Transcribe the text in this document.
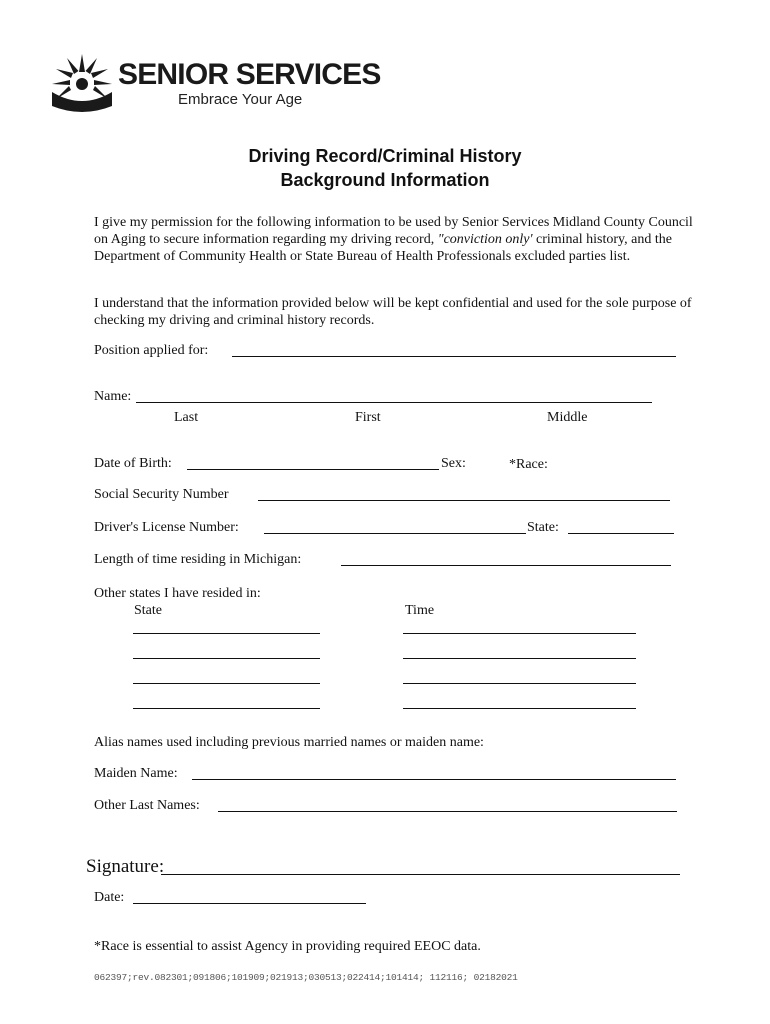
SENIOR SERVICES
Embrace Your Age
Driving Record/Criminal History
Background Information
I give my permission for the following information to be used by Senior Services Midland County Council on Aging to secure information regarding my driving record, "conviction only' criminal history, and the Department of Community Health or State Bureau of Health Professionals excluded parties list.
I understand that the information provided below will be kept confidential and used for the sole purpose of checking my driving and criminal history records.
Position applied for:
Name:
Last	First	Middle
Date of Birth:	Sex:	*Race:
Social Security Number
Driver's License Number:	State:
Length of time residing in Michigan:
Other states I have resided in:
State	Time
Alias names used including previous married names or maiden name:
Maiden Name:
Other Last Names:
Signature:
Date:
*Race is essential to assist Agency in providing required EEOC data.
062397;rev.082301;091806;101909;021913;030513;022414;101414; 112116; 02182021
